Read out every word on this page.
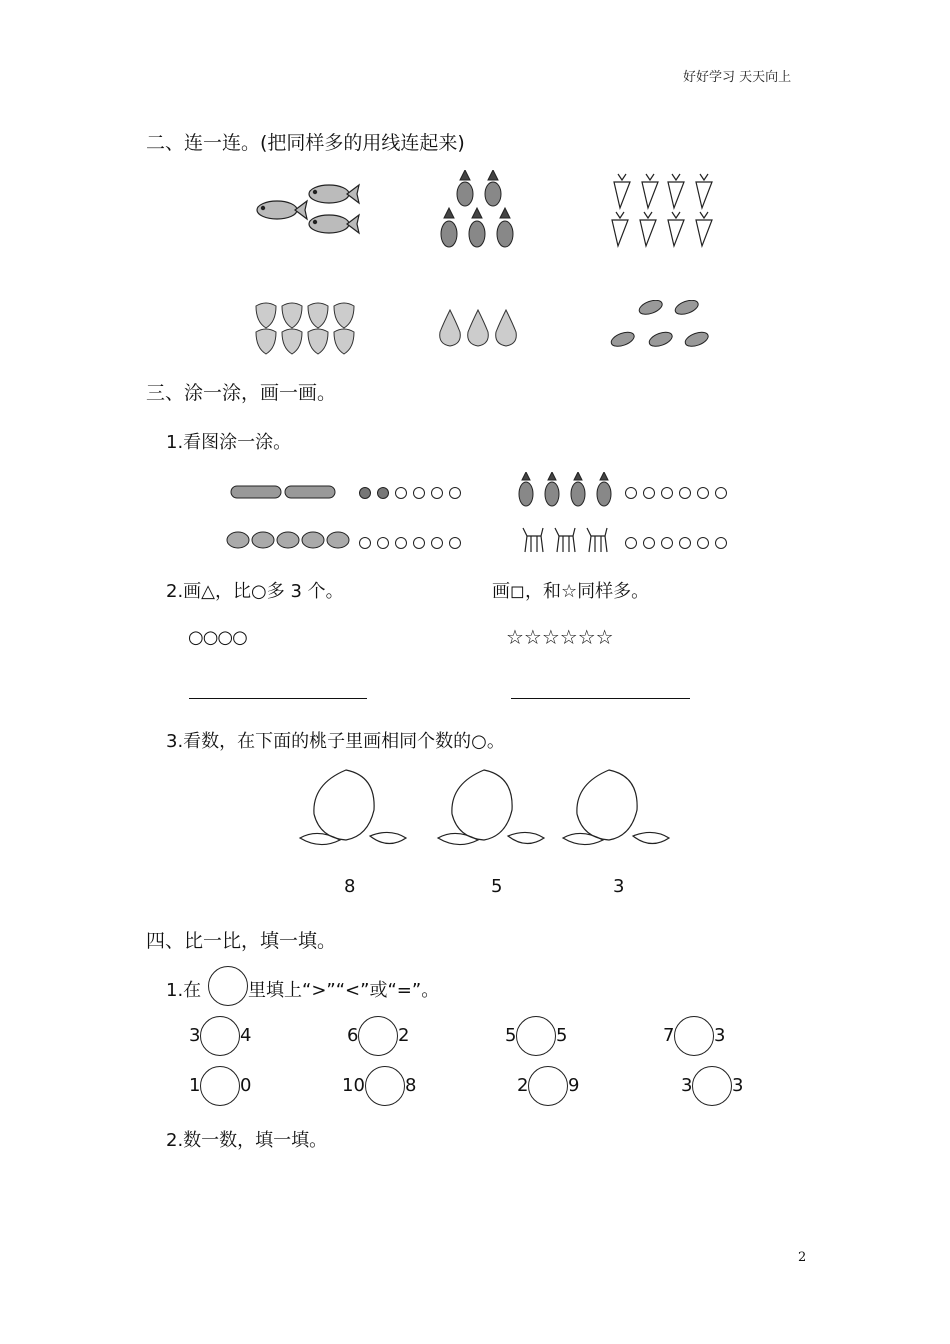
好好学习 天天向上
二、连一连。(把同样多的用线连起来)
三、涂一涂，画一画。
1.看图涂一涂。
2.画△，比○多 3 个。	画◻，和☆同样多。
○○○○	☆☆☆☆☆☆
3.看数，在下面的桃子里画相同个数的○。
8	5	3
四、比一比，填一填。
1.在	里填上“>”“<”或“=”。
3 4	6 2	5 5	7 3
1 0	10 8	2 9	3 3
2.数一数，填一填。
2
